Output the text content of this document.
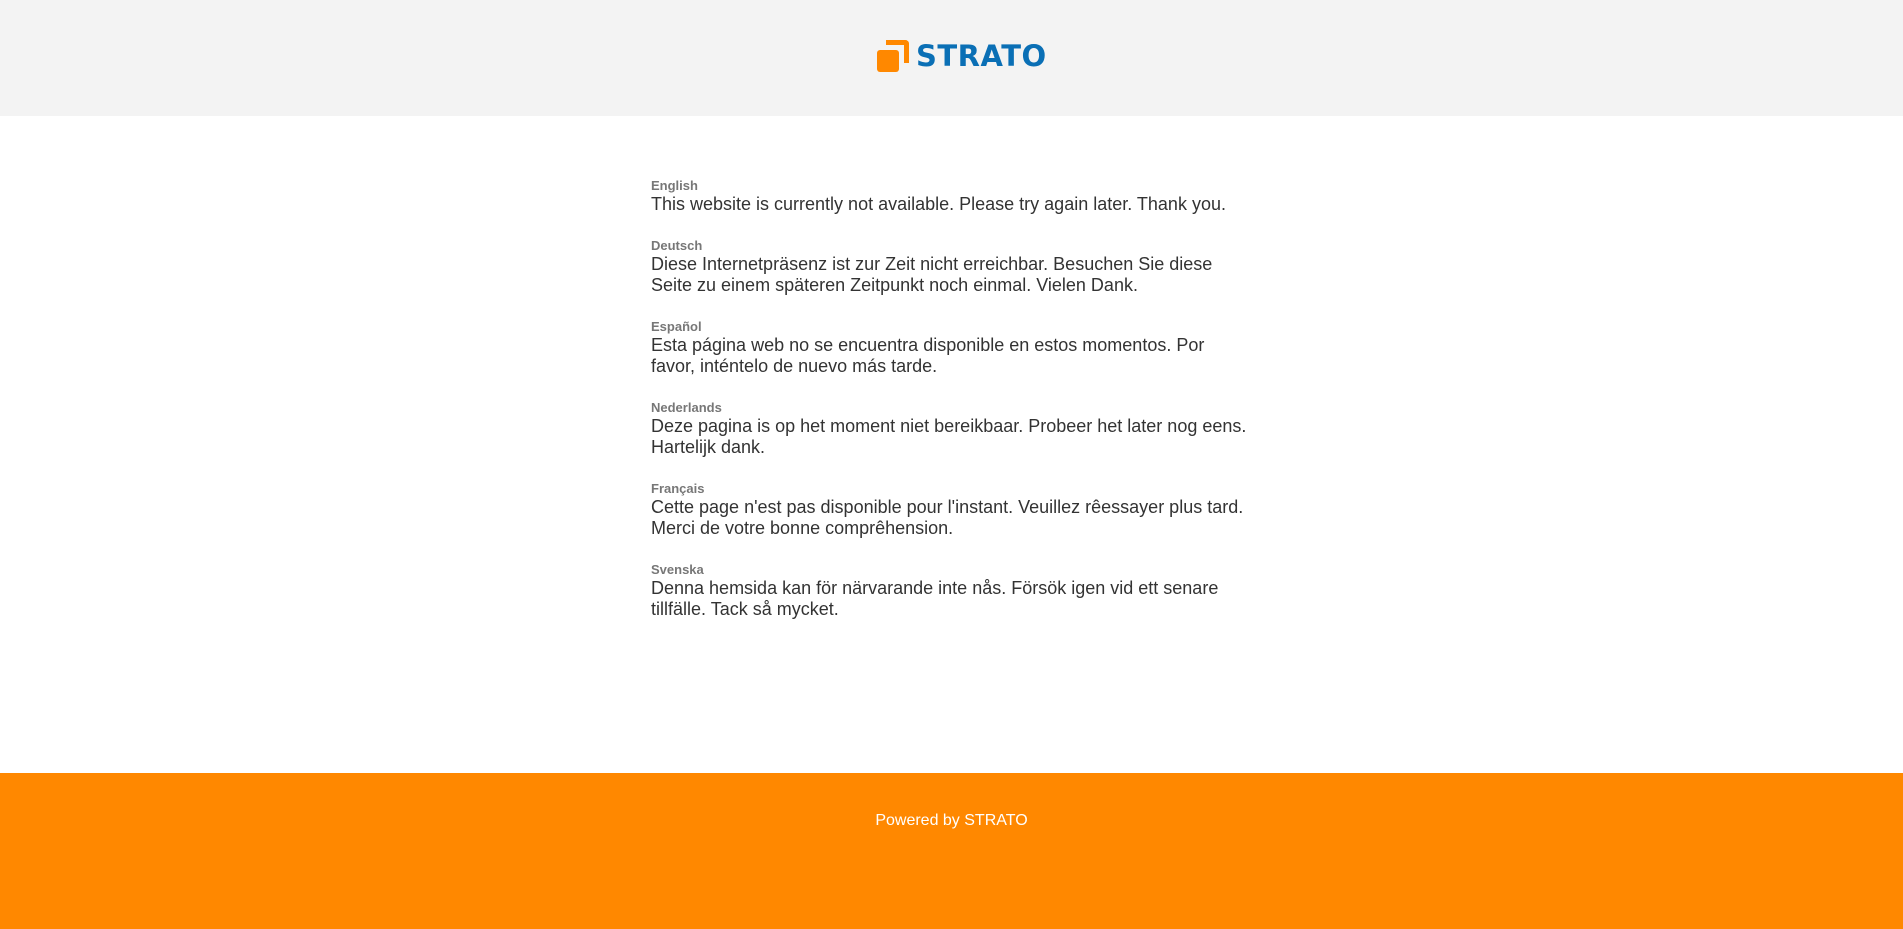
STRATO

English

This website is currently not available. Please try again later. Thank you.

Deutsch

Diese Internetpräsenz ist zur Zeit nicht erreichbar. Besuchen Sie diese

Seite zu einem späteren Zeitpunkt noch einmal. Vielen Dank.

Español

Esta página web no se encuentra disponible en estos momentos. Por

favor, inténtelo de nuevo más tarde.

Nederlands

Deze pagina is op het moment niet bereikbaar. Probeer het later nog eens.

Hartelijk dank.

Français

Cette page n'est pas disponible pour l'instant. Veuillez rêessayer plus tard.

Merci de votre bonne comprêhension.

Svenska

Denna hemsida kan för närvarande inte nås. Försök igen vid ett senare

tillfälle. Tack så mycket.

Powered by STRATO
